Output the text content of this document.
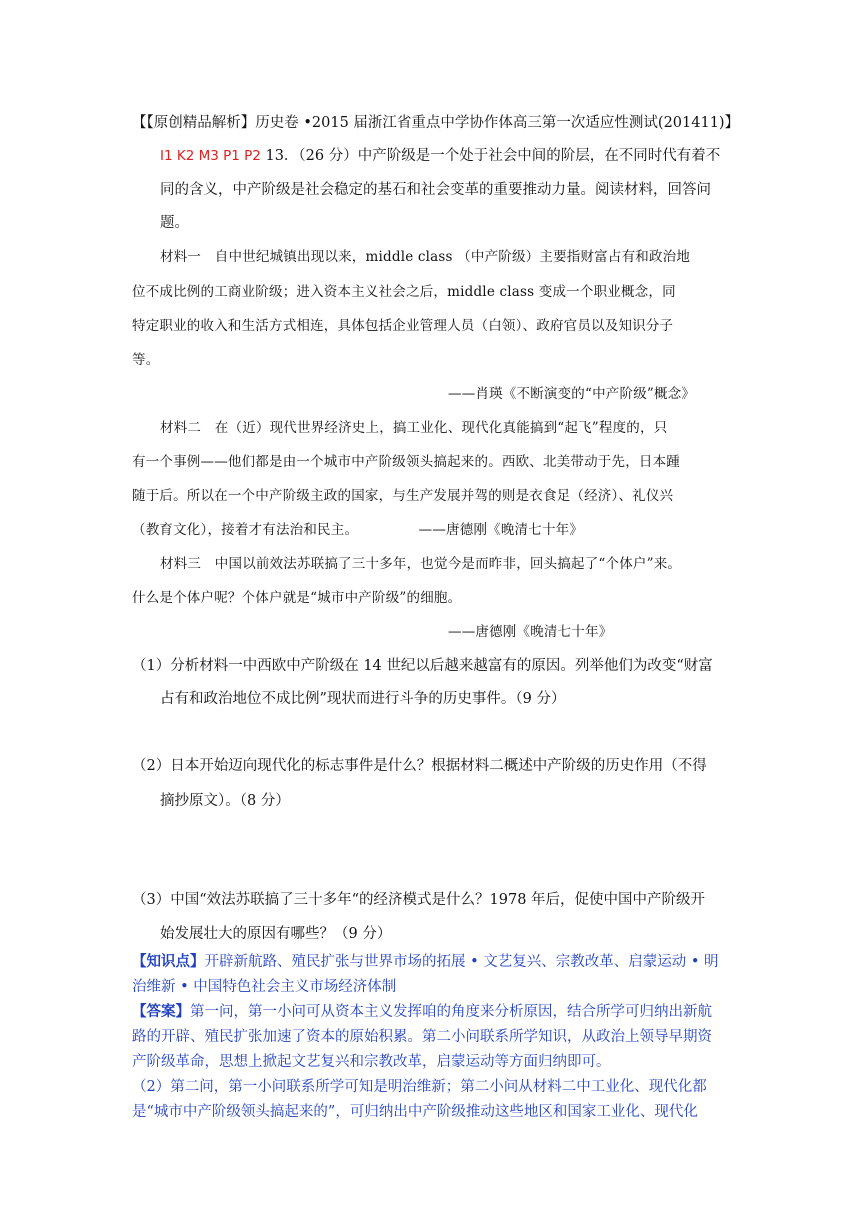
【【原创精品解析】历史卷 •2015 届浙江省重点中学协作体高三第一次适应性测试(201411)】
I1 K2 M3 P1 P2 13．（26 分）中产阶级是一个处于社会中间的阶层，在不同时代有着不
同的含义，中产阶级是社会稳定的基石和社会变革的重要推动力量。阅读材料，回答问
题。
材料一　自中世纪城镇出现以来，middle class （中产阶级）主要指财富占有和政治地
位不成比例的工商业阶级；进入资本主义社会之后，middle class 变成一个职业概念，同
特定职业的收入和生活方式相连，具体包括企业管理人员（白领）、政府官员以及知识分子
等。
——肖瑛《不断演变的“中产阶级”概念》
材料二　在（近）现代世界经济史上，搞工业化、现代化真能搞到“起飞”程度的，只
有一个事例——他们都是由一个城市中产阶级领头搞起来的。西欧、北美带动于先，日本踵
随于后。所以在一个中产阶级主政的国家，与生产发展并驾的则是衣食足（经济）、礼仪兴
（教育文化），接着才有法治和民主。	——唐德刚《晚清七十年》
材料三　中国以前效法苏联搞了三十多年，也觉今是而昨非，回头搞起了“个体户”来。
什么是个体户呢？个体户就是“城市中产阶级”的细胞。
——唐德刚《晚清七十年》
（1）分析材料一中西欧中产阶级在 14 世纪以后越来越富有的原因。列举他们为改变“财富
占有和政治地位不成比例”现状而进行斗争的历史事件。（9 分）
（2）日本开始迈向现代化的标志事件是什么？根据材料二概述中产阶级的历史作用（不得
摘抄原文）。（8 分）
（3）中国“效法苏联搞了三十多年“的经济模式是什么？1978 年后，促使中国中产阶级开
始发展壮大的原因有哪些？（9 分）
【知识点】开辟新航路、殖民扩张与世界市场的拓展 • 文艺复兴、宗教改革、启蒙运动 • 明
治维新 • 中国特色社会主义市场经济体制
【答案】第一问，第一小问可从资本主义发挥咱的角度来分析原因，结合所学可归纳出新航
路的开辟、殖民扩张加速了资本的原始积累。第二小问联系所学知识，从政治上领导早期资
产阶级革命，思想上掀起文艺复兴和宗教改革，启蒙运动等方面归纳即可。
（2）第二问，第一小问联系所学可知是明治维新；第二小问从材料二中工业化、现代化都
是“城市中产阶级领头搞起来的”，可归纳出中产阶级推动这些地区和国家工业化、现代化
